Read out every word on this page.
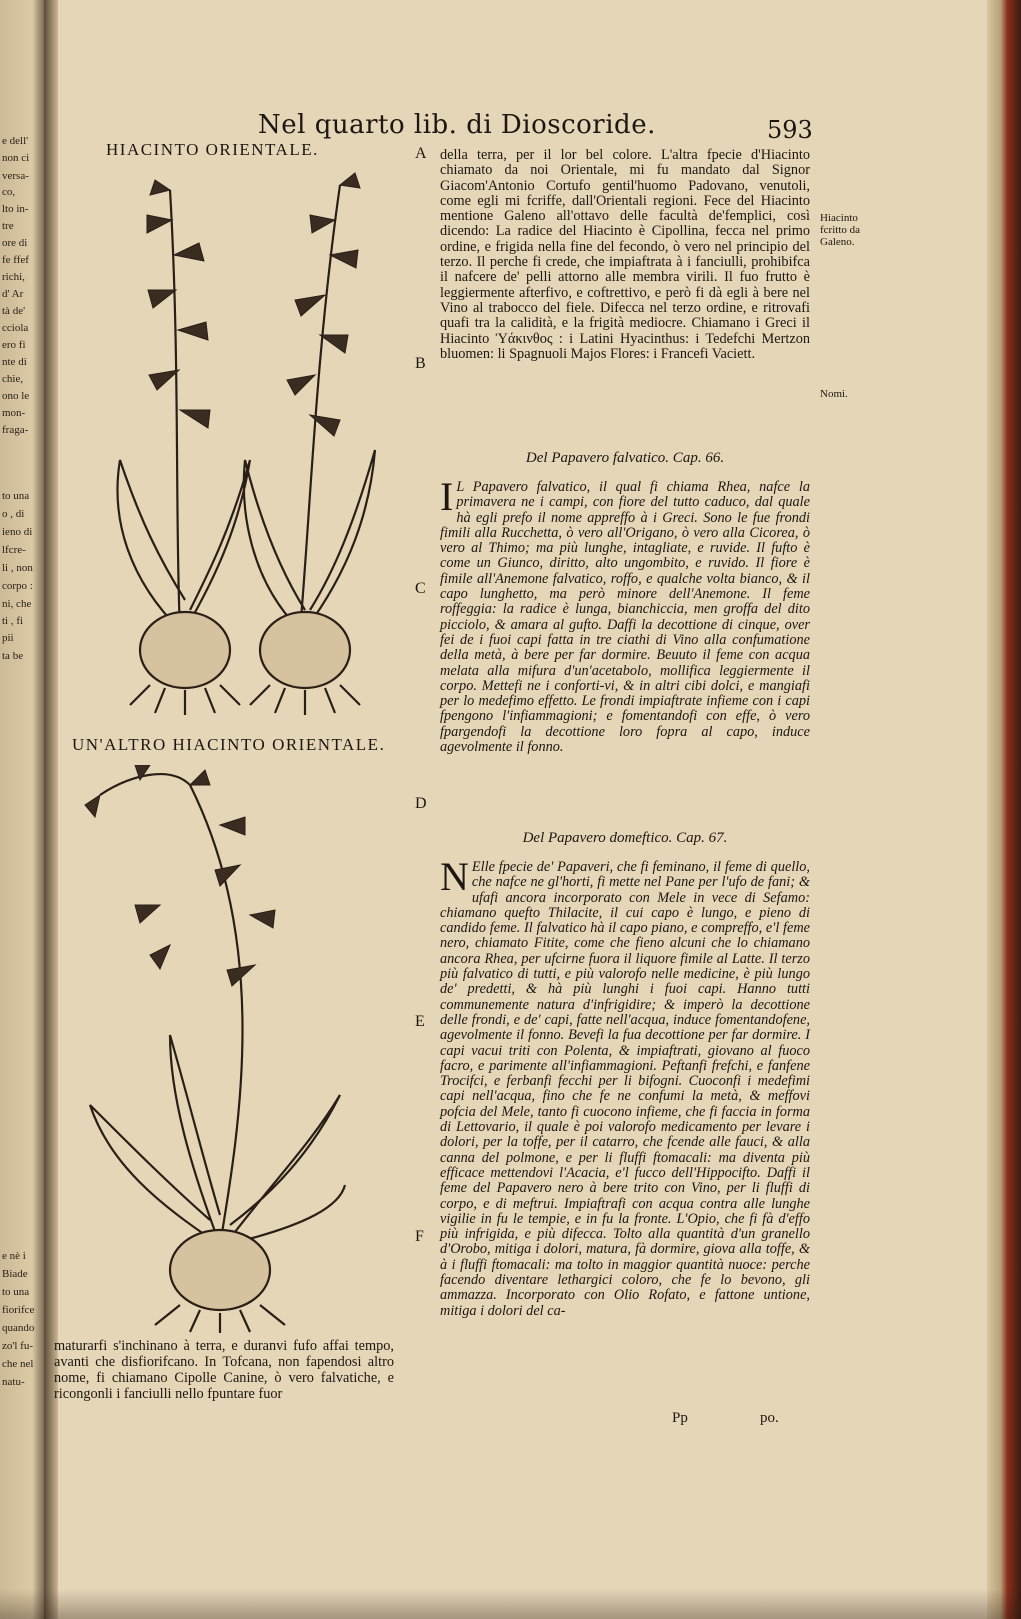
e dell'
non ci
versa-
co,
lto in-
tre
ore di
fe ffef
richi,
d' Ar
tà de'
cciola
ero fi
nte di
chie,
ono le
mon-
fraga-
to una
o , di
ieno di
lfcre-
li , non
corpo :
ni, che
ti , fi
pii
ta be
e nè i
Biade
to una
fiorifce
quando
zo'l fu-
che nel
natu-
Nel quarto lib. di Dioscoride.	593
HIACINTO ORIENTALE.
UN'ALTRO HIACINTO ORIENTALE.
A
B
C
D
E
F
Hiacinto fcritto da Galeno.
Nomi.

della terra, per il lor bel colore. L'altra fpecie d'Hiacinto chiamato da noi Orientale, mi fu mandato dal Signor Giacom'Antonio Cortufo gentil'huomo Padovano, venutoli, come egli mi fcriffe, dall'Orientali regioni. Fece del Hiacinto mentione Galeno all'ottavo delle facultà de'femplici, così dicendo: La radice del Hiacinto è Cipollina, fecca nel primo ordine, e frigida nella fine del fecondo, ò vero nel principio del terzo. Il perche fi crede, che impiaftrata à i fanciulli, prohibifca il nafcere de' pelli attorno alle membra virili. Il fuo frutto è leggiermente afterfivo, e coftrettivo, e però fi dà egli à bere nel Vino al trabocco del fiele. Difecca nel terzo ordine, e ritrovafi quafi tra la calidità, e la frigità mediocre. Chiamano i Greci il Hiacinto Ὑάκινθος : i Latini Hyacinthus: i Tedefchi Mertzon bluomen: li Spagnuoli Majos Flores: i Francefi Vaciett.

Del Papavero falvatico. Cap. 66.

I L Papavero falvatico, il qual fi chiama Rhea, nafce la primavera ne i campi, con fiore del tutto caduco, dal quale hà egli prefo il nome appreffo à i Greci. Sono le fue frondi fimili alla Rucchetta, ò vero all'Origano, ò vero alla Cicorea, ò vero al Thimo; ma più lunghe, intagliate, e ruvide. Il fufto è come un Giunco, diritto, alto ungombito, e ruvido. Il fiore è fimile all'Anemone falvatico, roffo, e qualche volta bianco, & il capo lunghetto, ma però minore dell'Anemone. Il feme roffeggia: la radice è lunga, bianchiccia, men groffa del dito picciolo, & amara al gufto. Daffi la decottione di cinque, over fei de i fuoi capi fatta in tre ciathi di Vino alla confumatione della metà, à bere per far dormire. Beuuto il feme con acqua melata alla mifura d'un'acetabolo, mollifica leggiermente il corpo. Mettefi ne i conforti-vi, & in altri cibi dolci, e mangiafi per lo medefimo effetto. Le frondi impiaftrate infieme con i capi fpengono l'infiammagioni; e fomentandofi con effe, ò vero fpargendofi la decottione loro fopra al capo, induce agevolmente il fonno.

Del Papavero domeftico. Cap. 67.

N Elle fpecie de' Papaveri, che fi feminano, il feme di quello, che nafce ne gl'horti, fi mette nel Pane per l'ufo de fani; & ufafi ancora incorporato con Mele in vece di Sefamo: chiamano quefto Thilacite, il cui capo è lungo, e pieno di candido feme. Il falvatico hà il capo piano, e compreffo, e'l feme nero, chiamato Fitite, come che fieno alcuni che lo chiamano ancora Rhea, per ufcirne fuora il liquore fimile al Latte. Il terzo più falvatico di tutti, e più valorofo nelle medicine, è più lungo de' predetti, & hà più lunghi i fuoi capi. Hanno tutti communemente natura d'infrigidire; & imperò la decottione delle frondi, e de' capi, fatte nell'acqua, induce fomentandofene, agevolmente il fonno. Bevefi la fua decottione per far dormire. I capi vacui triti con Polenta, & impiaftrati, giovano al fuoco facro, e parimente all'infiammagioni. Peftanfi frefchi, e fanfene Trocifci, e ferbanfi fecchi per li bifogni. Cuoconfi i medefimi capi nell'acqua, fino che fe ne confumi la metà, & meffovi pofcia del Mele, tanto fi cuocono infieme, che fi faccia in forma di Lettovario, il quale è poi valorofo medicamento per levare i dolori, per la toffe, per il catarro, che fcende alle fauci, & alla canna del polmone, e per li fluffi ftomacali: ma diventa più efficace mettendovi l'Acacia, e'l fucco dell'Hippocifto. Daffi il feme del Papavero nero à bere trito con Vino, per li fluffi di corpo, e di meftrui. Impiaftrafi con acqua contra alle lunghe vigilie in fu le tempie, e in fu la fronte. L'Opio, che fi fà d'effo più infrigida, e più difecca. Tolto alla quantità d'un granello d'Orobo, mitiga i dolori, matura, fà dormire, giova alla toffe, & à i fluffi ftomacali: ma tolto in maggior quantità nuoce: perche facendo diventare lethargici coloro, che fe lo bevono, gli ammazza. Incorporato con Olio Rofato, e fattone untione, mitiga i dolori del ca-

maturarfi s'inchinano à terra, e duranvi fufo affai tempo, avanti che disfiorifcano. In Tofcana, non fapendosi altro nome, fi chiamano Cipolle Canine, ò vero falvatiche, e ricongonli i fanciulli nello fpuntare fuor

Pp	po.
